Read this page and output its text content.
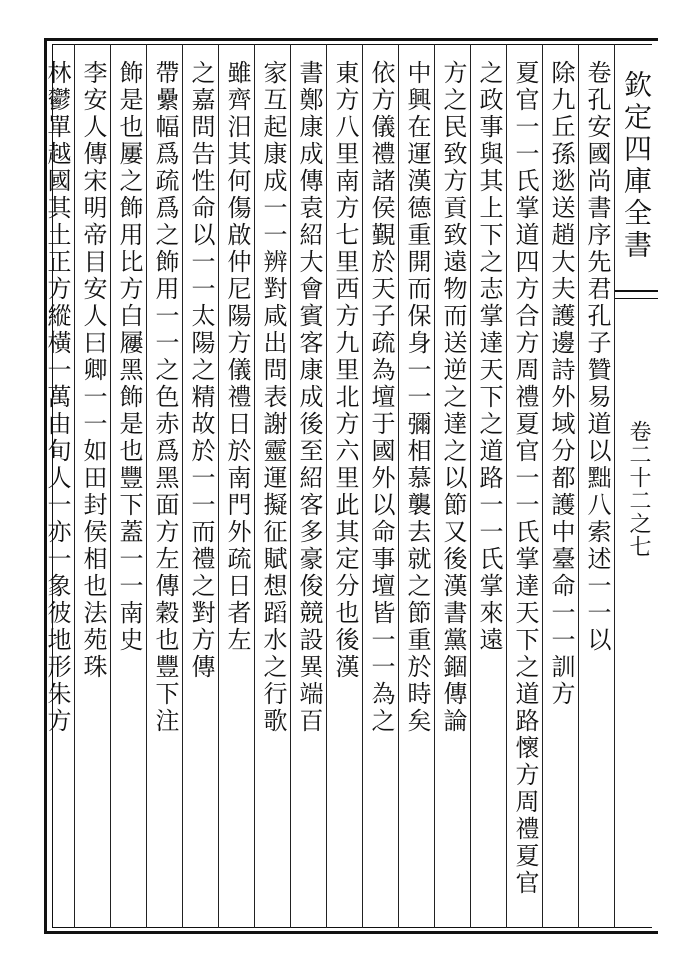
欽定四庫全書
卷二十二之七
卷孔安國尚書序先君孔子贊易道以黜八索述一一以
除九丘孫逖送趙大夫護邊詩外域分都護中臺命一一訓方
夏官一一氏掌道四方合方周禮夏官一一氏掌達天下之道路懷方周禮夏官
之政事與其上下之志掌達天下之道路一一氏掌來遠
方之民致方貢致遠物而送逆之達之以節又後漢書黨錮傳論
中興在運漢德重開而保身一一彌相慕襲去就之節重於時矣
依方儀禮諸侯覲於天子疏為壇于國外以命事壇皆一一為之
東方八里南方七里西方九里北方六里此其定分也後漢
書鄭康成傳袁紹大會賓客康成後至紹客多豪俊競設異端百
家互起康成一一辨對咸出問表謝靈運擬征賦想蹈水之行歌
雖齊汨其何傷啟仲尼陽方儀禮日於南門外疏日者左
之嘉問告性命以一一太陽之精故於一一而禮之對方傳
帶纍幅爲疏爲之飾用一一之色赤爲黑面方左傳穀也豐下注
飾是也屢之飾用比方白屨黑飾是也豐下蓋一一南史
李安人傳宋明帝目安人曰卿一一如田封侯相也法苑珠
林鬱單越國其土正方縱橫一萬由旬人一亦一象彼地形朱方
